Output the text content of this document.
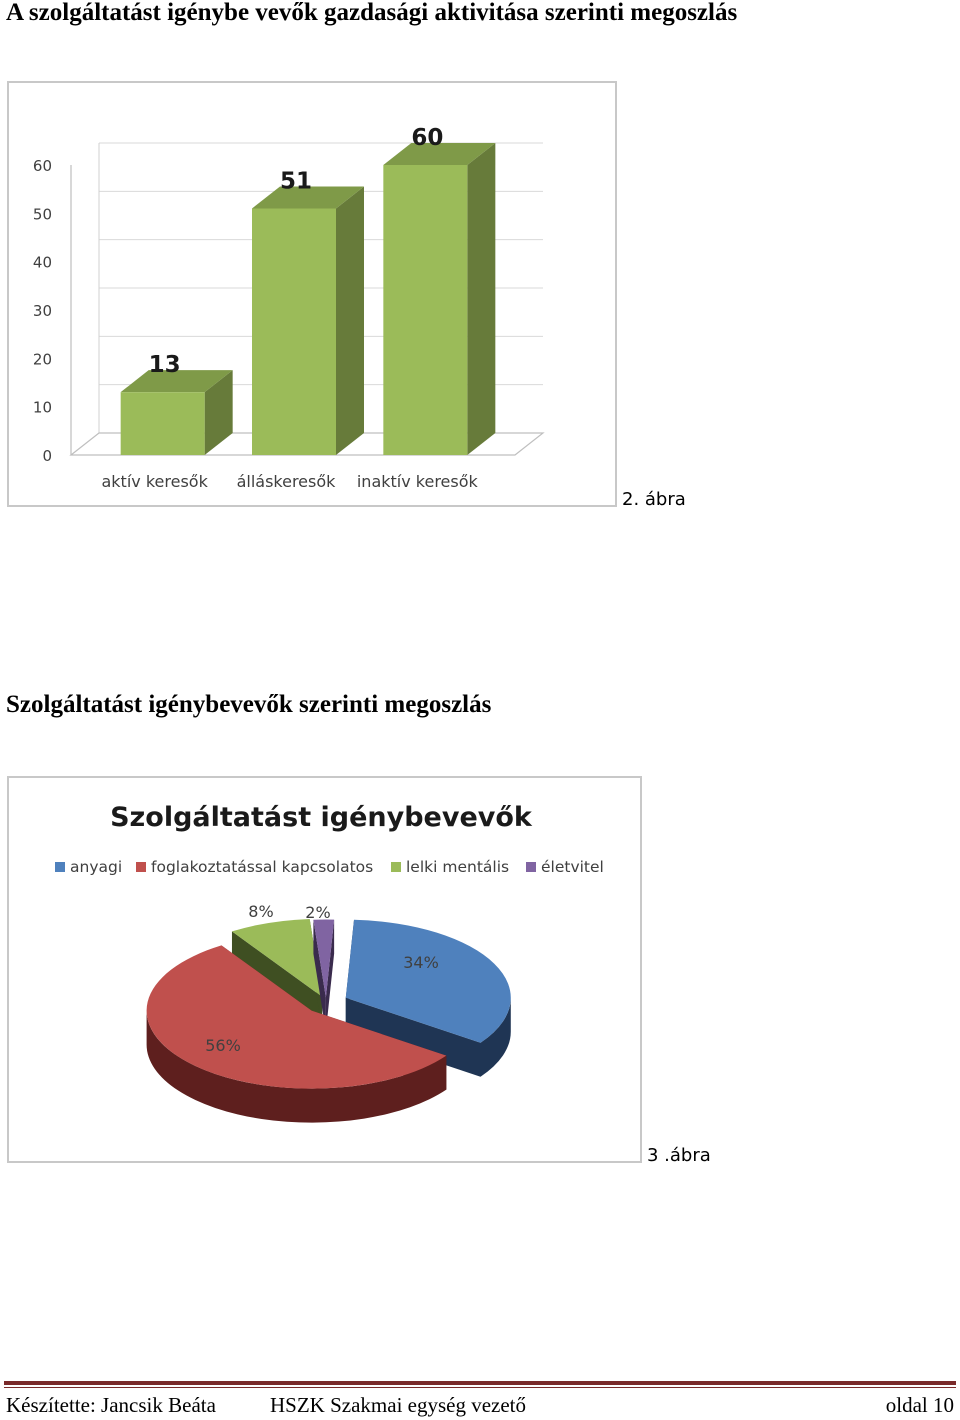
A szolgáltatást igénybe vevők gazdasági aktivitása szerinti megoszlás
0
10
20
30
40
50
60
13
aktív keresők
51
álláskeresők
60
inaktív keresők
2. ábra
Szolgáltatást igénybevevők szerinti megoszlás
Szolgáltatást igénybevevők
anyagi foglakoztatással kapcsolatos lelki mentális életvitel
34%
56%
8% 2%
3 .ábra
Készítette: Jancsik Beáta	HSZK Szakmai egység vezető	oldal 10
